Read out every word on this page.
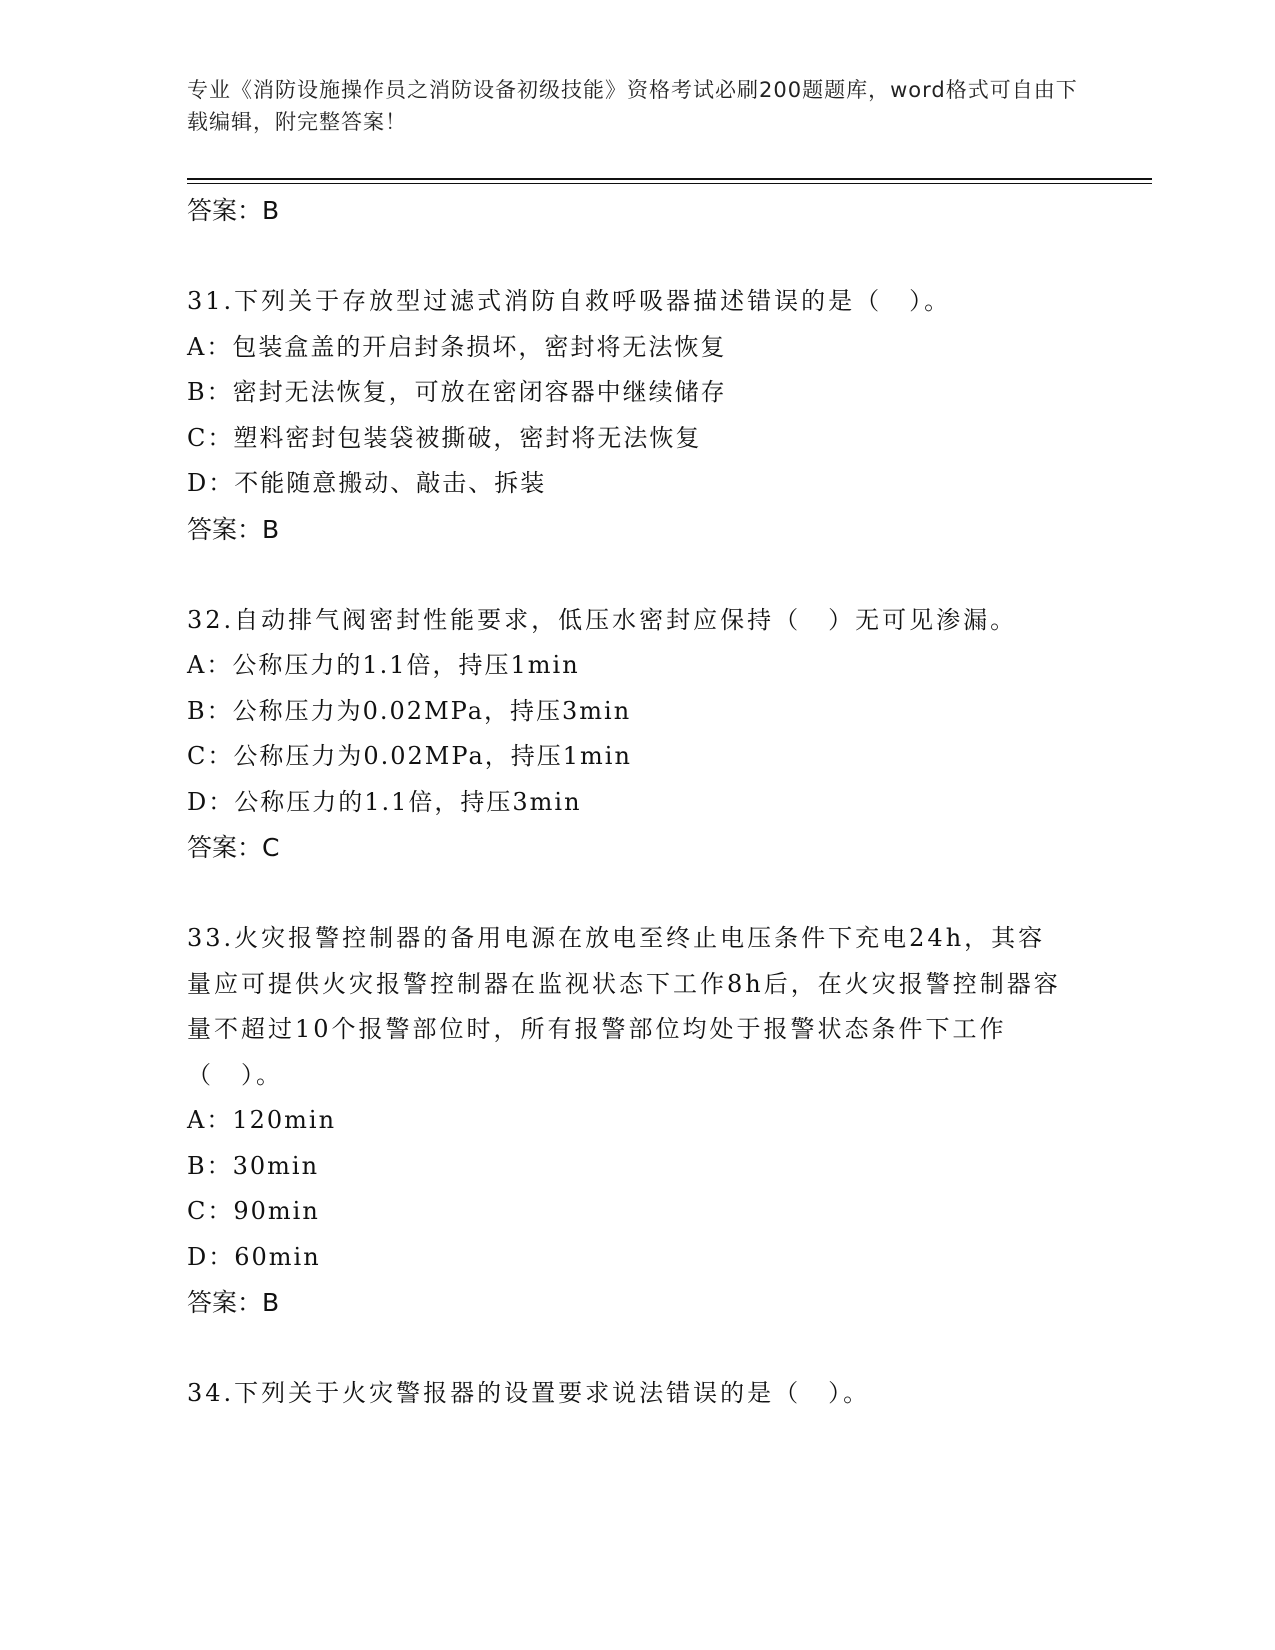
专业《消防设施操作员之消防设备初级技能》资格考试必刷200题题库，word格式可自由下载编辑，附完整答案！

答案：B

31.下列关于存放型过滤式消防自救呼吸器描述错误的是（　）。

A：包装盒盖的开启封条损坏，密封将无法恢复

B：密封无法恢复，可放在密闭容器中继续储存

C：塑料密封包装袋被撕破，密封将无法恢复

D：不能随意搬动、敲击、拆装

答案：B

32.自动排气阀密封性能要求，低压水密封应保持（　）无可见渗漏。

A：公称压力的1.1倍，持压1min

B：公称压力为0.02MPa，持压3min

C：公称压力为0.02MPa，持压1min

D：公称压力的1.1倍，持压3min

答案：C

33.火灾报警控制器的备用电源在放电至终止电压条件下充电24h，其容量应可提供火灾报警控制器在监视状态下工作8h后，在火灾报警控制器容量不超过10个报警部位时，所有报警部位均处于报警状态条件下工作（　）。

A：120min

B：30min

C：90min

D：60min

答案：B

34.下列关于火灾警报器的设置要求说法错误的是（　）。
